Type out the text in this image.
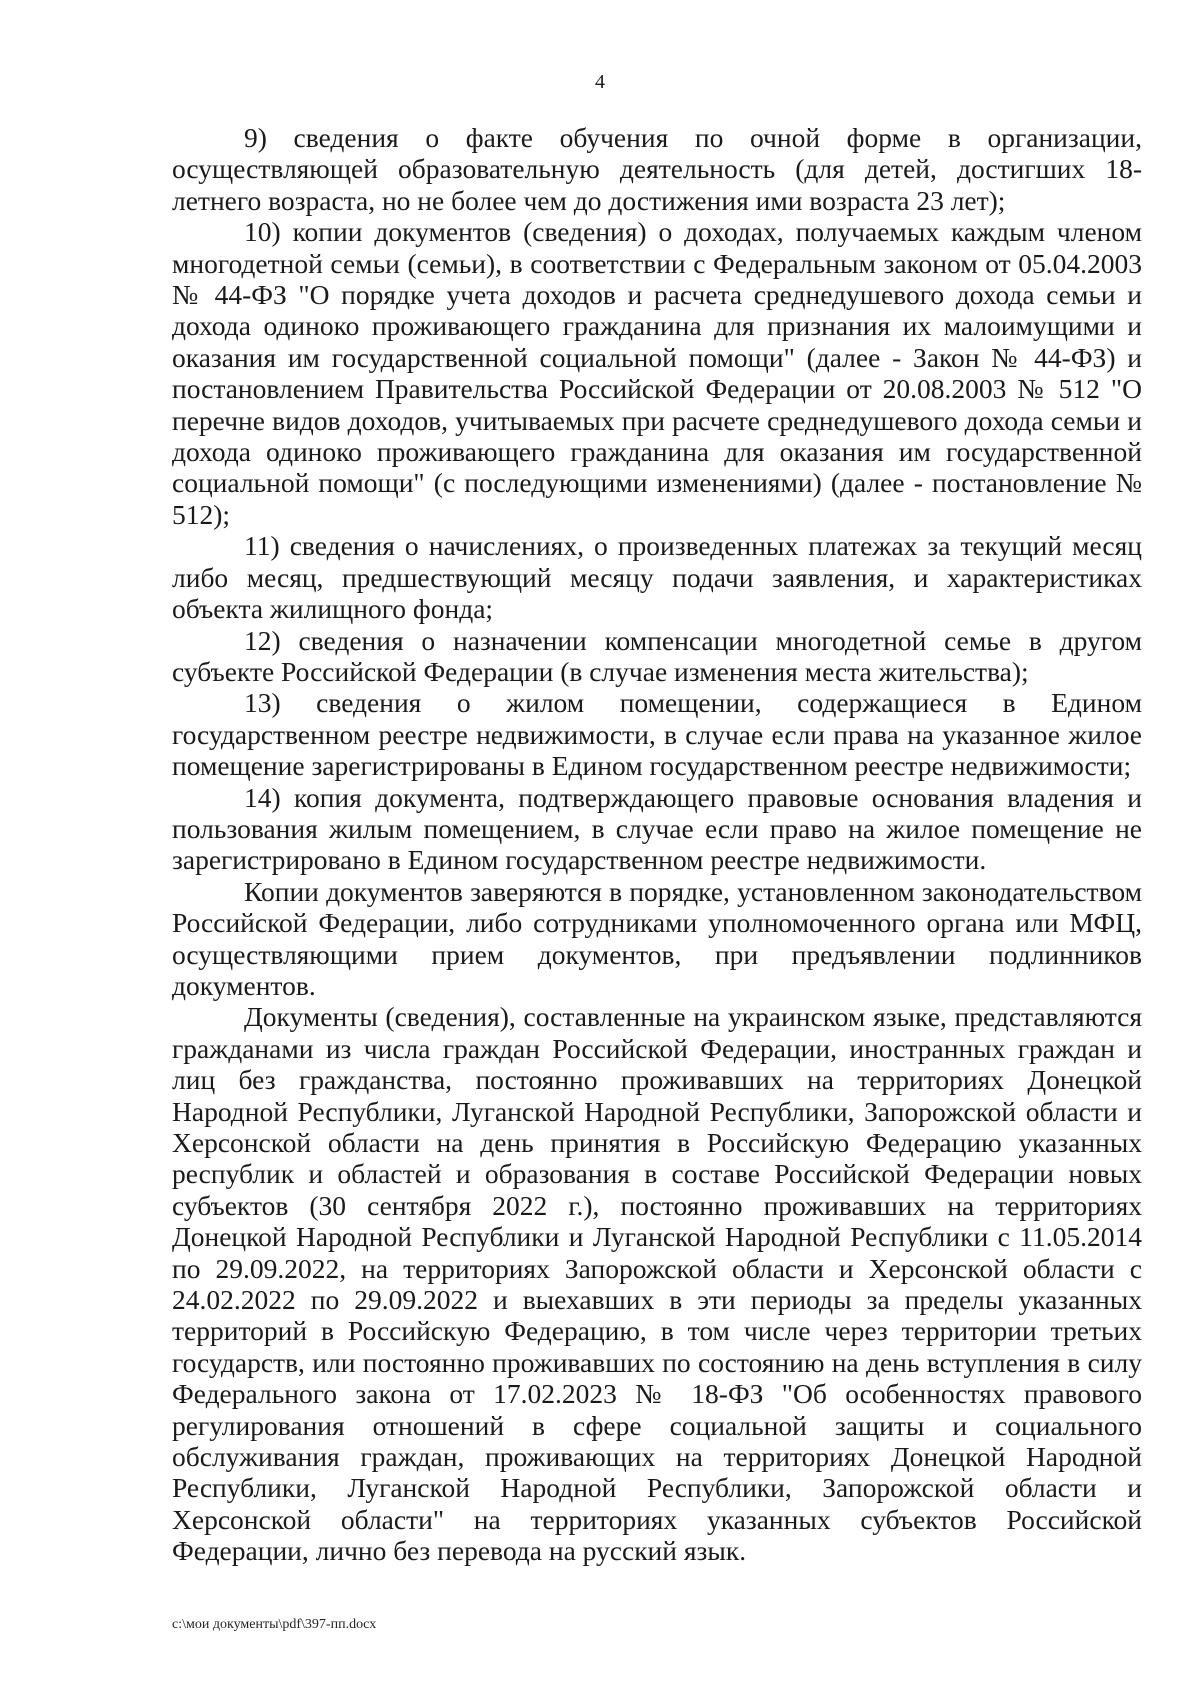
4

9) сведения о факте обучения по очной форме в организации, осуществляющей образовательную деятельность (для детей, достигших 18-летнего возраста, но не более чем до достижения ими возраста 23 лет);

10) копии документов (сведения) о доходах, получаемых каждым членом многодетной семьи (семьи), в соответствии с Федеральным законом от 05.04.2003 № 44-ФЗ "О порядке учета доходов и расчета среднедушевого дохода семьи и дохода одиноко проживающего гражданина для признания их малоимущими и оказания им государственной социальной помощи" (далее - Закон № 44-ФЗ) и постановлением Правительства Российской Федерации от 20.08.2003 № 512 "О перечне видов доходов, учитываемых при расчете среднедушевого дохода семьи и дохода одиноко проживающего гражданина для оказания им государственной социальной помощи" (с последующими изменениями) (далее - постановление № 512);

11) сведения о начислениях, о произведенных платежах за текущий месяц либо месяц, предшествующий месяцу подачи заявления, и характеристиках объекта жилищного фонда;

12) сведения о назначении компенсации многодетной семье в другом субъекте Российской Федерации (в случае изменения места жительства);

13) сведения о жилом помещении, содержащиеся в Едином государственном реестре недвижимости, в случае если права на указанное жилое помещение зарегистрированы в Едином государственном реестре недвижимости;

14) копия документа, подтверждающего правовые основания владения и пользования жилым помещением, в случае если право на жилое помещение не зарегистрировано в Едином государственном реестре недвижимости.

Копии документов заверяются в порядке, установленном законодательством Российской Федерации, либо сотрудниками уполномоченного органа или МФЦ, осуществляющими прием документов, при предъявлении подлинников документов.

Документы (сведения), составленные на украинском языке, представляются гражданами из числа граждан Российской Федерации, иностранных граждан и лиц без гражданства, постоянно проживавших на территориях Донецкой Народной Республики, Луганской Народной Республики, Запорожской области и Херсонской области на день принятия в Российскую Федерацию указанных республик и областей и образования в составе Российской Федерации новых субъектов (30 сентября 2022 г.), постоянно проживавших на территориях Донецкой Народной Республики и Луганской Народной Республики с 11.05.2014 по 29.09.2022, на территориях Запорожской области и Херсонской области с 24.02.2022 по 29.09.2022 и выехавших в эти периоды за пределы указанных территорий в Российскую Федерацию, в том числе через территории третьих государств, или постоянно проживавших по состоянию на день вступления в силу Федерального закона от 17.02.2023 № 18-ФЗ "Об особенностях правового регулирования отношений в сфере социальной защиты и социального обслуживания граждан, проживающих на территориях Донецкой Народной Республики, Луганской Народной Республики, Запорожской области и Херсонской области" на территориях указанных субъектов Российской Федерации, лично без перевода на русский язык.

c:\мои документы\pdf\397-пп.docx
